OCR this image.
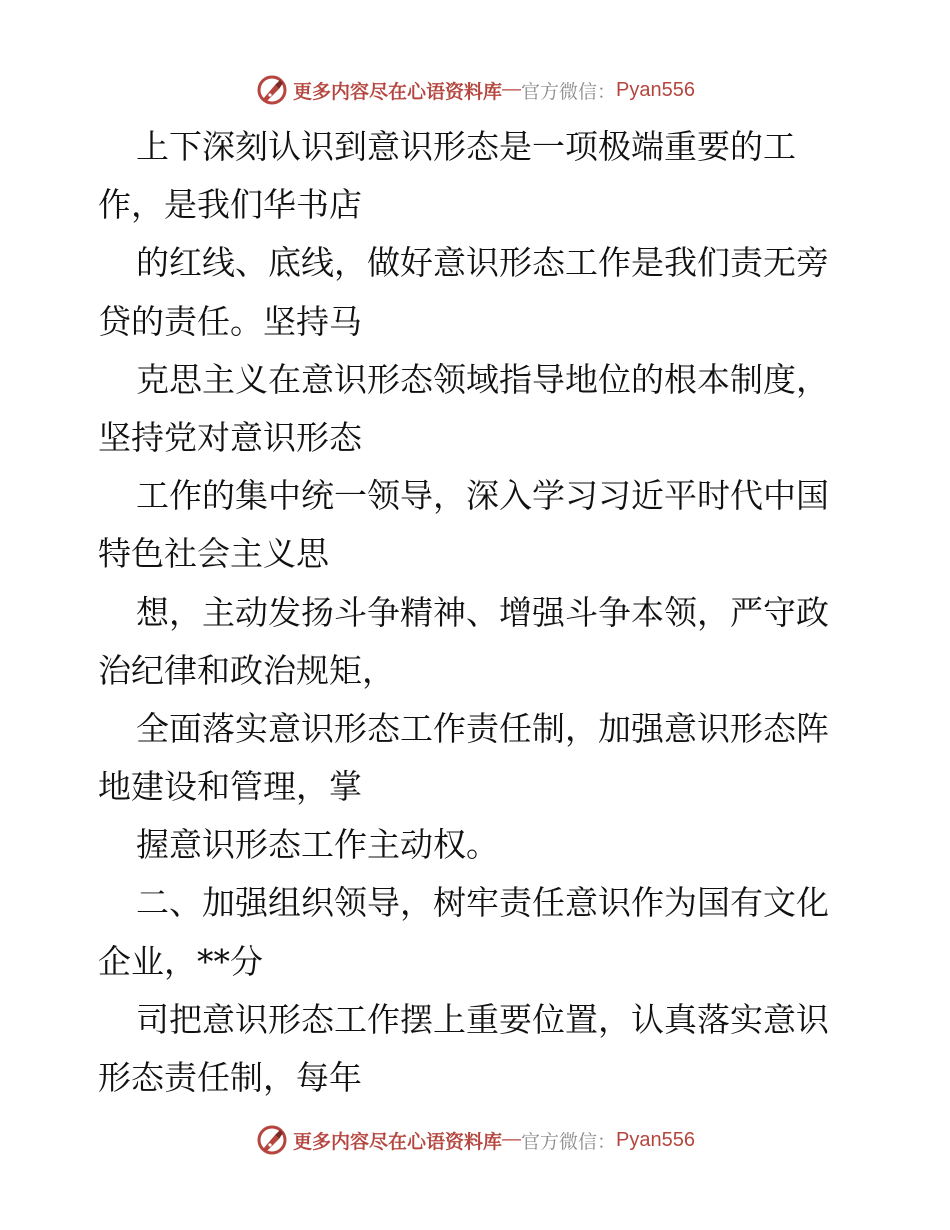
更多内容尽在心语资料库 — 官方微信： Pyan556
上下深刻认识到意识形态是一项极端重要的工
作，是我们华书店
的红线、底线，做好意识形态工作是我们责无旁
贷的责任。坚持马
克思主义在意识形态领域指导地位的根本制度，
坚持党对意识形态
工作的集中统一领导，深入学习习近平时代中国
特色社会主义思
想，主动发扬斗争精神、增强斗争本领，严守政
治纪律和政治规矩，
全面落实意识形态工作责任制，加强意识形态阵
地建设和管理，掌
握意识形态工作主动权。
二、加强组织领导，树牢责任意识作为国有文化
企业，**分
司把意识形态工作摆上重要位置，认真落实意识
形态责任制，每年
更多内容尽在心语资料库 — 官方微信： Pyan556
